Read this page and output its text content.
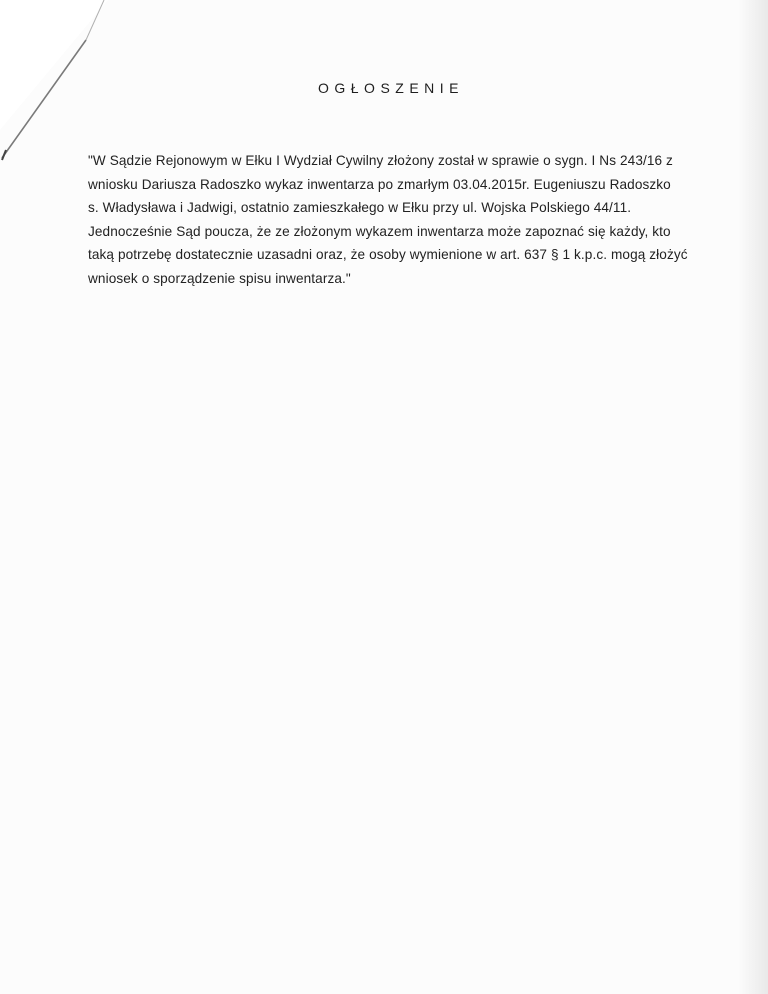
OGŁOSZENIE
"W Sądzie Rejonowym w Ełku I Wydział Cywilny złożony został w sprawie o sygn. I Ns 243/16 z
wniosku Dariusza Radoszko wykaz inwentarza po zmarłym 03.04.2015r. Eugeniuszu Radoszko
s. Władysława i Jadwigi, ostatnio zamieszkałego w Ełku przy ul. Wojska Polskiego 44/11.
Jednocześnie Sąd poucza, że ze złożonym wykazem inwentarza może zapoznać się każdy, kto
taką potrzebę dostatecznie uzasadni oraz, że osoby wymienione w art. 637 § 1 k.p.c. mogą złożyć
wniosek o sporządzenie spisu inwentarza."
